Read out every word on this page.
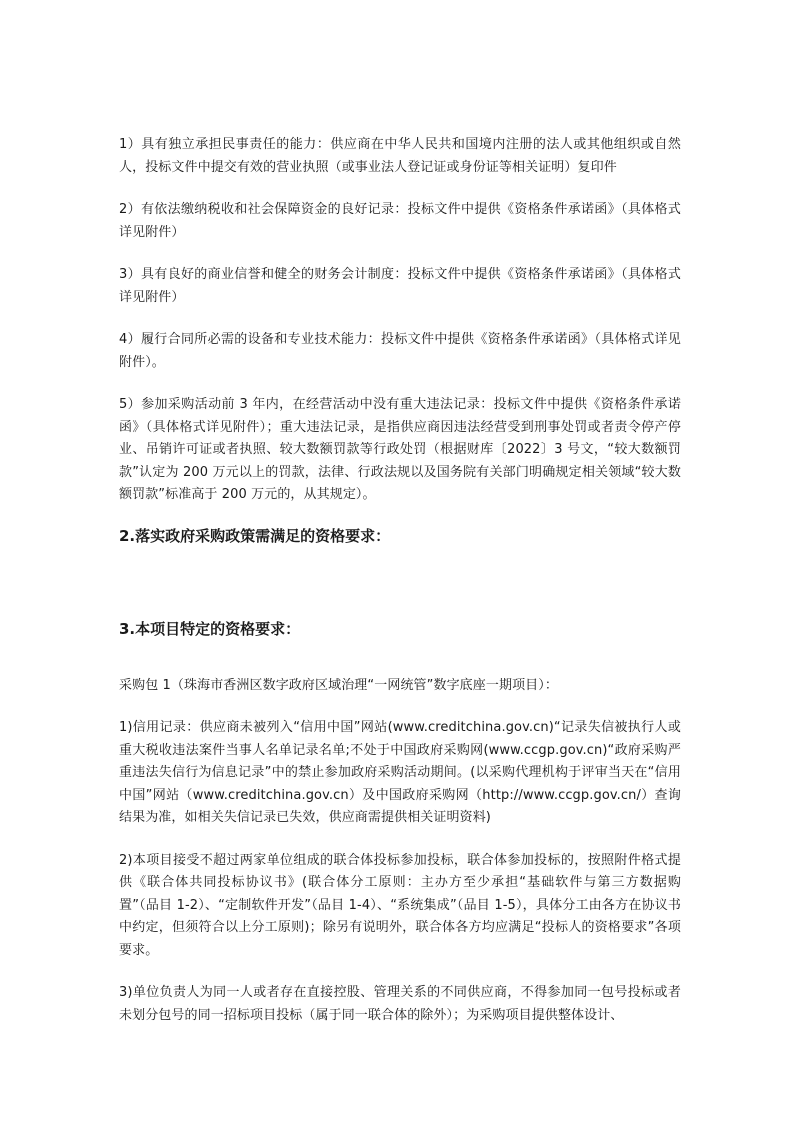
1）具有独立承担民事责任的能力：供应商在中华人民共和国境内注册的法人或其他组织或自然人，投标文件中提交有效的营业执照（或事业法人登记证或身份证等相关证明）复印件

2）有依法缴纳税收和社会保障资金的良好记录：投标文件中提供《资格条件承诺函》（具体格式详见附件）

3）具有良好的商业信誉和健全的财务会计制度：投标文件中提供《资格条件承诺函》（具体格式详见附件）

4）履行合同所必需的设备和专业技术能力：投标文件中提供《资格条件承诺函》（具体格式详见附件）。

5）参加采购活动前 3 年内，在经营活动中没有重大违法记录：投标文件中提供《资格条件承诺函》（具体格式详见附件）；重大违法记录，是指供应商因违法经营受到刑事处罚或者责令停产停业、吊销许可证或者执照、较大数额罚款等行政处罚（根据财库〔2022〕3 号文，“较大数额罚款”认定为 200 万元以上的罚款，法律、行政法规以及国务院有关部门明确规定相关领域“较大数额罚款”标准高于 200 万元的，从其规定）。

2.落实政府采购政策需满足的资格要求：
3.本项目特定的资格要求：

采购包 1（珠海市香洲区数字政府区域治理“一网统管”数字底座一期项目）：

1)信用记录：供应商未被列入“信用中国”网站(www.creditchina.gov.cn)“记录失信被执行人或重大税收违法案件当事人名单记录名单;不处于中国政府采购网(www.ccgp.gov.cn)“政府采购严重违法失信行为信息记录”中的禁止参加政府采购活动期间。(以采购代理机构于评审当天在“信用中国”网站（www.creditchina.gov.cn）及中国政府采购网（http://www.ccgp.gov.cn/）查询结果为准，如相关失信记录已失效，供应商需提供相关证明资料)

2)本项目接受不超过两家单位组成的联合体投标参加投标，联合体参加投标的，按照附件格式提供《联合体共同投标协议书》(联合体分工原则：主办方至少承担“基础软件与第三方数据购置”（品目 1-2）、“定制软件开发”（品目 1-4）、“系统集成”（品目 1-5），具体分工由各方在协议书中约定，但须符合以上分工原则)；除另有说明外，联合体各方均应满足“投标人的资格要求”各项要求。

3)单位负责人为同一人或者存在直接控股、管理关系的不同供应商，不得参加同一包号投标或者未划分包号的同一招标项目投标（属于同一联合体的除外）；为采购项目提供整体设计、
